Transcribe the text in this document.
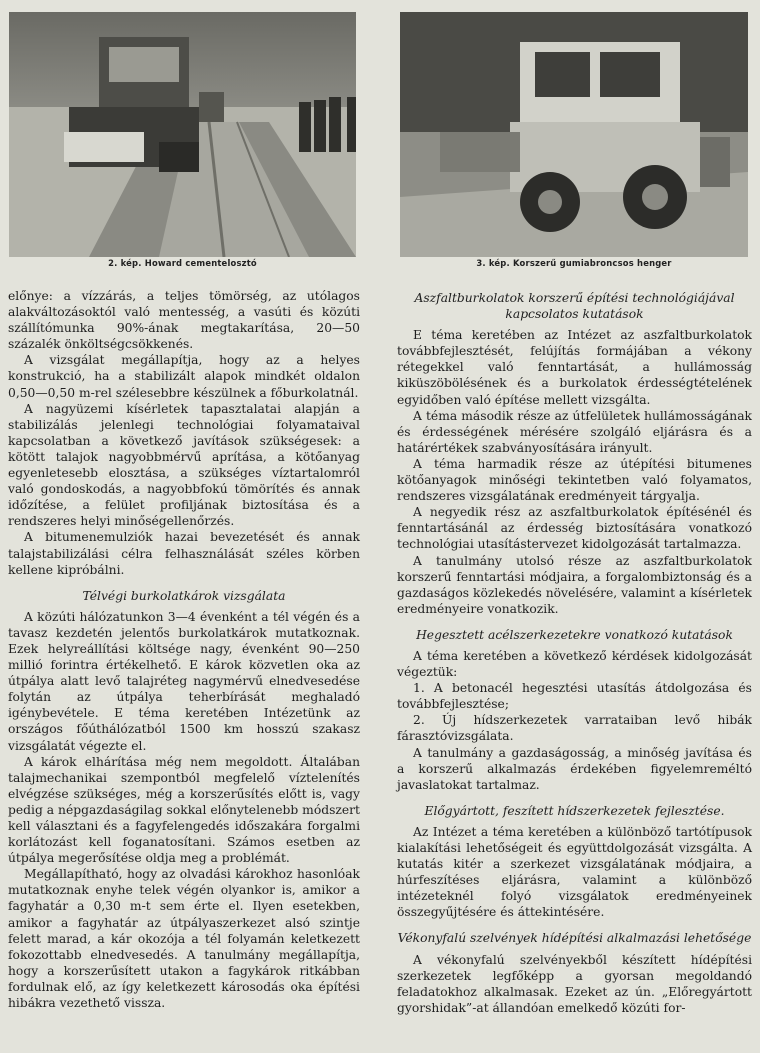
2. kép. Howard cementelosztó	3. kép. Korszerű gumiabroncsos henger

előnye: a vízzárás, a teljes tömörség, az utólagos alakváltozásoktól való mentesség, a vasúti és közúti szállítómunka 90%-ának megtakarítása, 20—50 százalék önköltségcsökkenés.

A vizsgálat megállapítja, hogy az a helyes konstrukció, ha a stabilizált alapok mindkét oldalon 0,50—0,50 m-rel szélesebbre készülnek a főburkolatnál.

A nagyüzemi kísérletek tapasztalatai alapján a stabilizálás jelenlegi technológiai folyamataival kapcsolatban a következő javítások szükségesek: a kötött talajok nagyobbmérvű aprítása, a kötőanyag egyenletesebb elosztása, a szükséges víztartalomról való gondoskodás, a nagyobbfokú tömörítés és annak időzítése, a felület profiljának biztosítása és a rendszeres helyi minőségellenőrzés.

A bitumenemulziók hazai bevezetését és annak talajstabilizálási célra felhasználását széles körben kellene kipróbálni.

Télvégi burkolatkárok vizsgálata

A közúti hálózatunkon 3—4 évenként a tél végén és a tavasz kezdetén jelentős burkolatkárok mutatkoznak. Ezek helyreállítási költsége nagy, évenként 90—250 millió forintra értékelhető. E károk közvetlen oka az útpálya alatt levő talajréteg nagymérvű elnedvesedése folytán az útpálya teherbírását meghaladó igénybevétele. E téma keretében Intézetünk az országos főúthálózatból 1500 km hosszú szakasz vizsgálatát végezte el.

A károk elhárítása még nem megoldott. Általában talajmechanikai szempontból megfelelő víztelenítés elvégzése szükséges, még a korszerűsítés előtt is, vagy pedig a népgazdaságilag sokkal előnytelenebb módszert kell választani és a fagyfelengedés időszakára forgalmi korlátozást kell foganatosítani. Számos esetben az útpálya megerősítése oldja meg a problémát.

Megállapítható, hogy az olvadási károkhoz hasonlóak mutatkoznak enyhe telek végén olyankor is, amikor a fagyhatár a 0,30 m-t sem érte el. Ilyen esetekben, amikor a fagyhatár az útpályaszerkezet alsó szintje felett marad, a kár okozója a tél folyamán keletkezett fokozottabb elnedvesedés. A tanulmány megállapítja, hogy a korszerűsített utakon a fagykárok ritkábban fordulnak elő, az így keletkezett károsodás oka építési hibákra vezethető vissza.

Aszfaltburkolatok korszerű építési technológiájával kapcsolatos kutatások

E téma keretében az Intézet az aszfaltburkolatok továbbfejlesztését, felújítás formájában a vékony rétegekkel való fenntartását, a hullámosság kiküszöbölésének és a burkolatok érdességtételének egyidőben való építése mellett vizsgálta.

A téma második része az útfelületek hullámosságának és érdességének mérésére szolgáló eljárásra és a határértékek szabványosítására irányult.

A téma harmadik része az útépítési bitumenes kötőanyagok minőségi tekintetben való folyamatos, rendszeres vizsgálatának eredményeit tárgyalja.

A negyedik rész az aszfaltburkolatok építésénél és fenntartásánál az érdesség biztosítására vonatkozó technológiai utasítástervezet kidolgozását tartalmazza.

A tanulmány utolsó része az aszfaltburkolatok korszerű fenntartási módjaira, a forgalombiztonság és a gazdaságos közlekedés növelésére, valamint a kísérletek eredményeire vonatkozik.

Hegesztett acélszerkezetekre vonatkozó kutatások

A téma keretében a következő kérdések kidolgozását végeztük:

1. A betonacél hegesztési utasítás átdolgozása és továbbfejlesztése;
2. Új hídszerkezetek varrataiban levő hibák fárasztóvizsgálata.

A tanulmány a gazdaságosság, a minőség javítása és a korszerű alkalmazás érdekében figyelemreméltó javaslatokat tartalmaz.

Előgyártott, feszített hídszerkezetek fejlesztése.

Az Intézet a téma keretében a különböző tartótípusok kialakítási lehetőségeit és együttdolgozását vizsgálta. A kutatás kitér a szerkezet vizsgálatának módjaira, a húrfeszítéses eljárásra, valamint a különböző intézeteknél folyó vizsgálatok eredményeinek összegyűjtésére és áttekintésére.

Vékonyfalú szelvények hídépítési alkalmazási lehetősége

A vékonyfalú szelvényekből készített hídépítési szerkezetek legfőképp a gyorsan megoldandó feladatokhoz alkalmasak. Ezeket az ún. „Előregyártott gyorshidak”-at állandóan emelkedő közúti for-
